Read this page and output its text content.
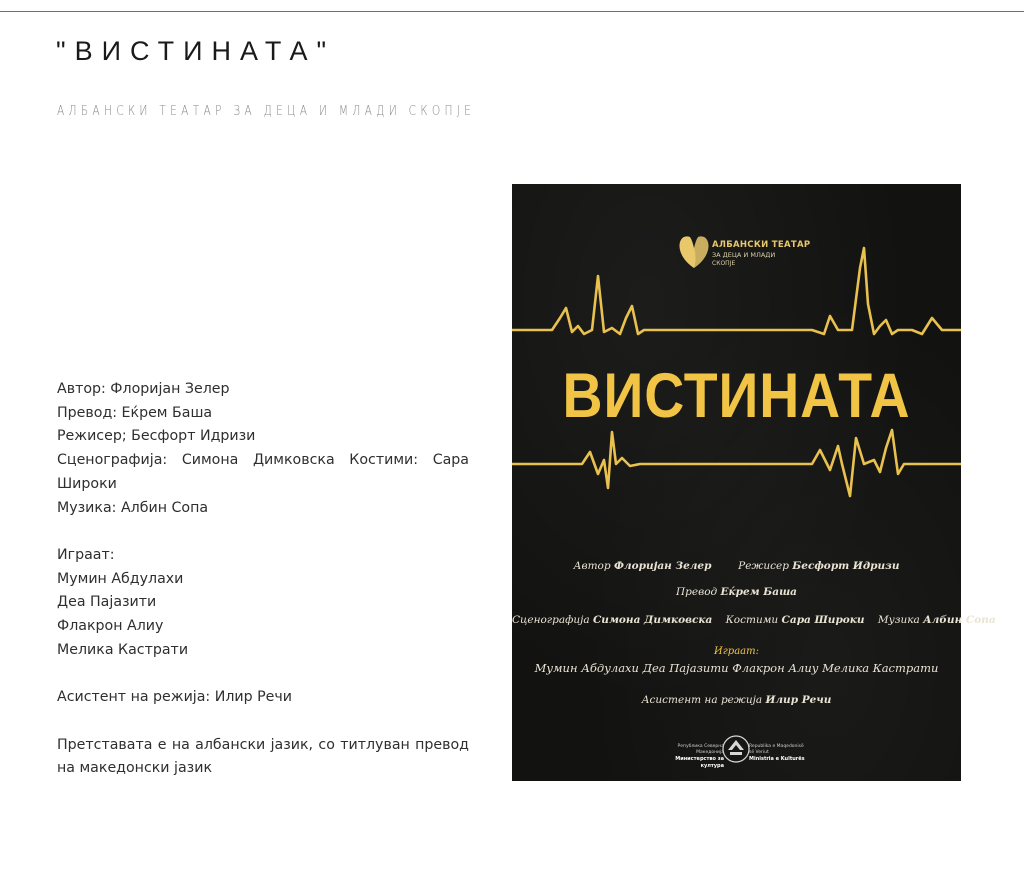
"ВИСТИНАТА"
АЛБАНСКИ ТЕАТАР ЗА ДЕЦА И МЛАДИ СКОПЈЕ

Автор: Флоријан Зелер

Превод: Еќрем Баша

Режисер; Бесфорт Идризи

Сценографија: Симона Димковска Костими: Сара Широки

Музика: Албин Сопа

Играат:

Мумин Абдулахи

Деа Пајазити

Флакрон Алиу

Мелика Кастрати

Асистент на режија: Илир Речи

Претставата е на албански јазик, со титлуван превод на македонски јазик

АЛБАНСКИ ТЕАТАР
ЗА ДЕЦА И МЛАДИ
СКОПЈЕ
ВИСТИНАТА
Автор Флоријан Зелер	Режисер Бесфорт Идризи
Превод Еќрем Баша
Сценографија Симона Димковска Костими Сара Широки Музика Албин Сопа
Играат:
Мумин Абдулахи Деа Пајазити Флакрон Алиу Мелика Кастрати
Асистент на режија Илир Речи
Република Северна Македонија
Министерство за култура
Republika e Maqedonisë së Veriut
Ministria e Kulturës
